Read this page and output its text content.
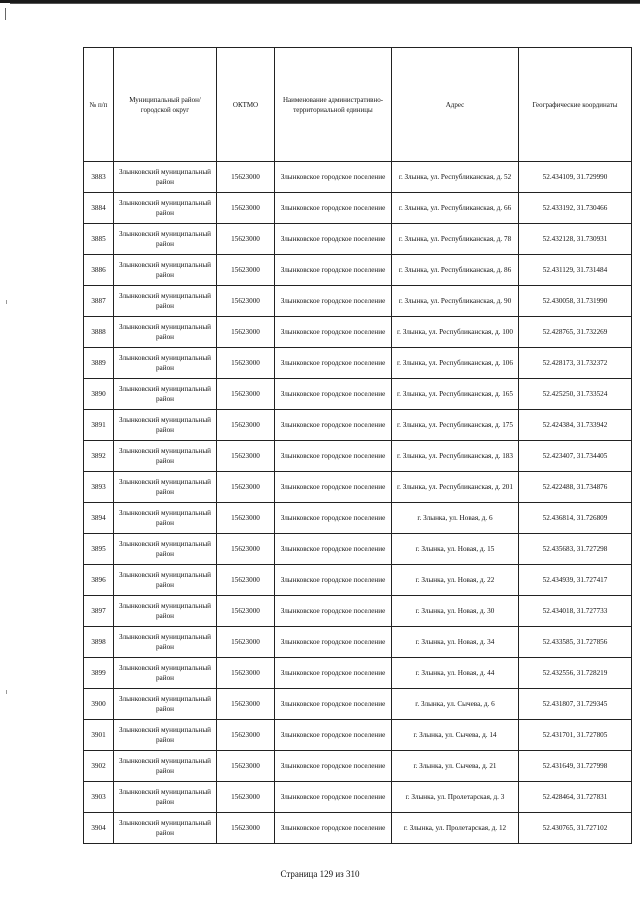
№ п/п	Муниципальный район/городской округ	ОКТМО	Наименование административно-территориальной единицы	Адрес	Географические координаты
3883	Злынковский муниципальный район	15623000	Злынковское городское поселение	г. Злынка, ул. Республиканская, д. 52	52.434109, 31.729990
3884	Злынковский муниципальный район	15623000	Злынковское городское поселение	г. Злынка, ул. Республиканская, д. 66	52.433192, 31.730466
3885	Злынковский муниципальный район	15623000	Злынковское городское поселение	г. Злынка, ул. Республиканская, д. 78	52.432128, 31.730931
3886	Злынковский муниципальный район	15623000	Злынковское городское поселение	г. Злынка, ул. Республиканская, д. 86	52.431129, 31.731484
3887	Злынковский муниципальный район	15623000	Злынковское городское поселение	г. Злынка, ул. Республиканская, д. 90	52.430058, 31.731990
3888	Злынковский муниципальный район	15623000	Злынковское городское поселение	г. Злынка, ул. Республиканская, д. 100	52.428765, 31.732269
3889	Злынковский муниципальный район	15623000	Злынковское городское поселение	г. Злынка, ул. Республиканская, д. 106	52.428173, 31.732372
3890	Злынковский муниципальный район	15623000	Злынковское городское поселение	г. Злынка, ул. Республиканская, д. 165	52.425250, 31.733524
3891	Злынковский муниципальный район	15623000	Злынковское городское поселение	г. Злынка, ул. Республиканская, д. 175	52.424384, 31.733942
3892	Злынковский муниципальный район	15623000	Злынковское городское поселение	г. Злынка, ул. Республиканская, д. 183	52.423407, 31.734405
3893	Злынковский муниципальный район	15623000	Злынковское городское поселение	г. Злынка, ул. Республиканская, д. 201	52.422488, 31.734876
3894	Злынковский муниципальный район	15623000	Злынковское городское поселение	г. Злынка, ул. Новая, д. 6	52.436814, 31.726809
3895	Злынковский муниципальный район	15623000	Злынковское городское поселение	г. Злынка, ул. Новая, д. 15	52.435683, 31.727298
3896	Злынковский муниципальный район	15623000	Злынковское городское поселение	г. Злынка, ул. Новая, д. 22	52.434939, 31.727417
3897	Злынковский муниципальный район	15623000	Злынковское городское поселение	г. Злынка, ул. Новая, д. 30	52.434018, 31.727733
3898	Злынковский муниципальный район	15623000	Злынковское городское поселение	г. Злынка, ул. Новая, д. 34	52.433585, 31.727856
3899	Злынковский муниципальный район	15623000	Злынковское городское поселение	г. Злынка, ул. Новая, д. 44	52.432556, 31.728219
3900	Злынковский муниципальный район	15623000	Злынковское городское поселение	г. Злынка, ул. Сычева, д. 6	52.431807, 31.729345
3901	Злынковский муниципальный район	15623000	Злынковское городское поселение	г. Злынка, ул. Сычева, д. 14	52.431701, 31.727805
3902	Злынковский муниципальный район	15623000	Злынковское городское поселение	г. Злынка, ул. Сычева, д. 21	52.431649, 31.727998
3903	Злынковский муниципальный район	15623000	Злынковское городское поселение	г. Злынка, ул. Пролетарская, д. 3	52.428464, 31.727831
3904	Злынковский муниципальный район	15623000	Злынковское городское поселение	г. Злынка, ул. Пролетарская, д. 12	52.430765, 31.727102
Страница 129 из 310
